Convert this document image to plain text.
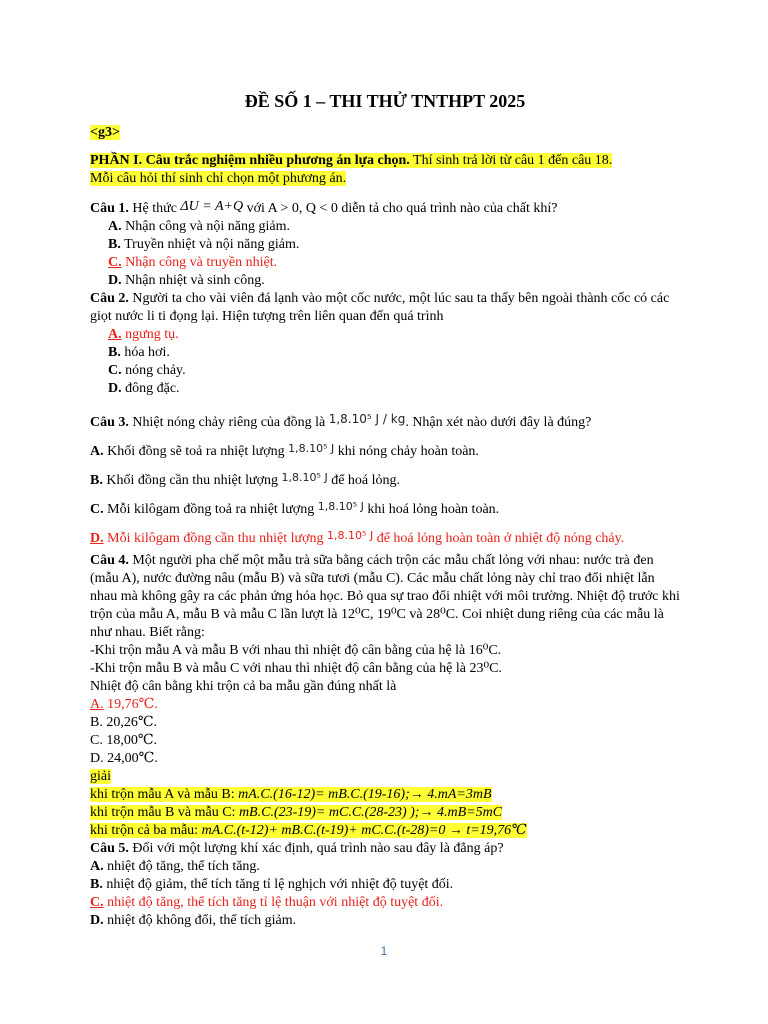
ĐỀ SỐ 1 – THI THỬ TNTHPT 2025

<g3>

PHẦN I. Câu trắc nghiệm nhiều phương án lựa chọn. Thí sinh trả lời từ câu 1 đến câu 18.
Mỗi câu hỏi thí sinh chỉ chọn một phương án.

Câu 1. Hệ thức ΔU = A+Q với A > 0, Q < 0 diễn tả cho quá trình nào của chất khí?

A. Nhận công và nội năng giảm.

B. Truyền nhiệt và nội năng giảm.

C. Nhận công và truyền nhiệt.

D. Nhận nhiệt và sinh công.

Câu 2. Người ta cho vài viên đá lạnh vào một cốc nước, một lúc sau ta thấy bên ngoài thành cốc có các giọt nước li ti đọng lại. Hiện tượng trên liên quan đến quá trình

A. ngưng tụ.

B. hóa hơi.

C. nóng chảy.

D. đông đặc.

Câu 3. Nhiệt nóng chảy riêng của đồng là 1,8.10⁵ J / kg. Nhận xét nào dưới đây là đúng?

A. Khối đồng sẽ toả ra nhiệt lượng 1,8.10⁵ J khi nóng chảy hoàn toàn.

B. Khối đồng cần thu nhiệt lượng 1,8.10⁵ J để hoá lỏng.

C. Mỗi kilôgam đồng toả ra nhiệt lượng 1,8.10⁵ J khi hoá lỏng hoàn toàn.

D. Mỗi kilôgam đồng cần thu nhiệt lượng 1,8.10⁵ J để hoá lỏng hoàn toàn ở nhiệt độ nóng chảy.

Câu 4. Một người pha chế một mẫu trà sữa bằng cách trộn các mẫu chất lỏng với nhau: nước trà đen (mẫu A), nước đường nâu (mẫu B) và sữa tươi (mẫu C). Các mẫu chất lỏng này chỉ trao đổi nhiệt lẫn nhau mà không gây ra các phản ứng hóa học. Bỏ qua sự trao đổi nhiệt với môi trường. Nhiệt độ trước khi trộn của mẫu A, mẫu B và mẫu C lần lượt là 12⁰C, 19⁰C và 28⁰C. Coi nhiệt dung riêng của các mẫu là như nhau. Biết rằng:

-Khi trộn mẫu A và mẫu B với nhau thì nhiệt độ cân bằng của hệ là 16⁰C.

-Khi trộn mẫu B và mẫu C với nhau thì nhiệt độ cân bằng của hệ là 23⁰C.

Nhiệt độ cân bằng khi trộn cả ba mẫu gần đúng nhất là

A. 19,76℃.

B. 20,26℃.

C. 18,00℃.

D. 24,00℃.

giải

khi trộn mẫu A và mẫu B: mA.C.(16-12)= mB.C.(19-16);→ 4.mA=3mB

khi trộn mẫu B và mẫu C: mB.C.(23-19)= mC.C.(28-23) );→ 4.mB=5mC

khi trộn cả ba mẫu: mA.C.(t-12)+ mB.C.(t-19)+ mC.C.(t-28)=0 → t=19,76℃

Câu 5. Đối với một lượng khí xác định, quá trình nào sau đây là đẳng áp?

A. nhiệt độ tăng, thể tích tăng.

B. nhiệt độ giảm, thể tích tăng tỉ lệ nghịch với nhiệt độ tuyệt đối.

C. nhiệt độ tăng, thể tích tăng tỉ lệ thuận với nhiệt độ tuyệt đối.

D. nhiệt độ không đổi, thể tích giảm.

1
